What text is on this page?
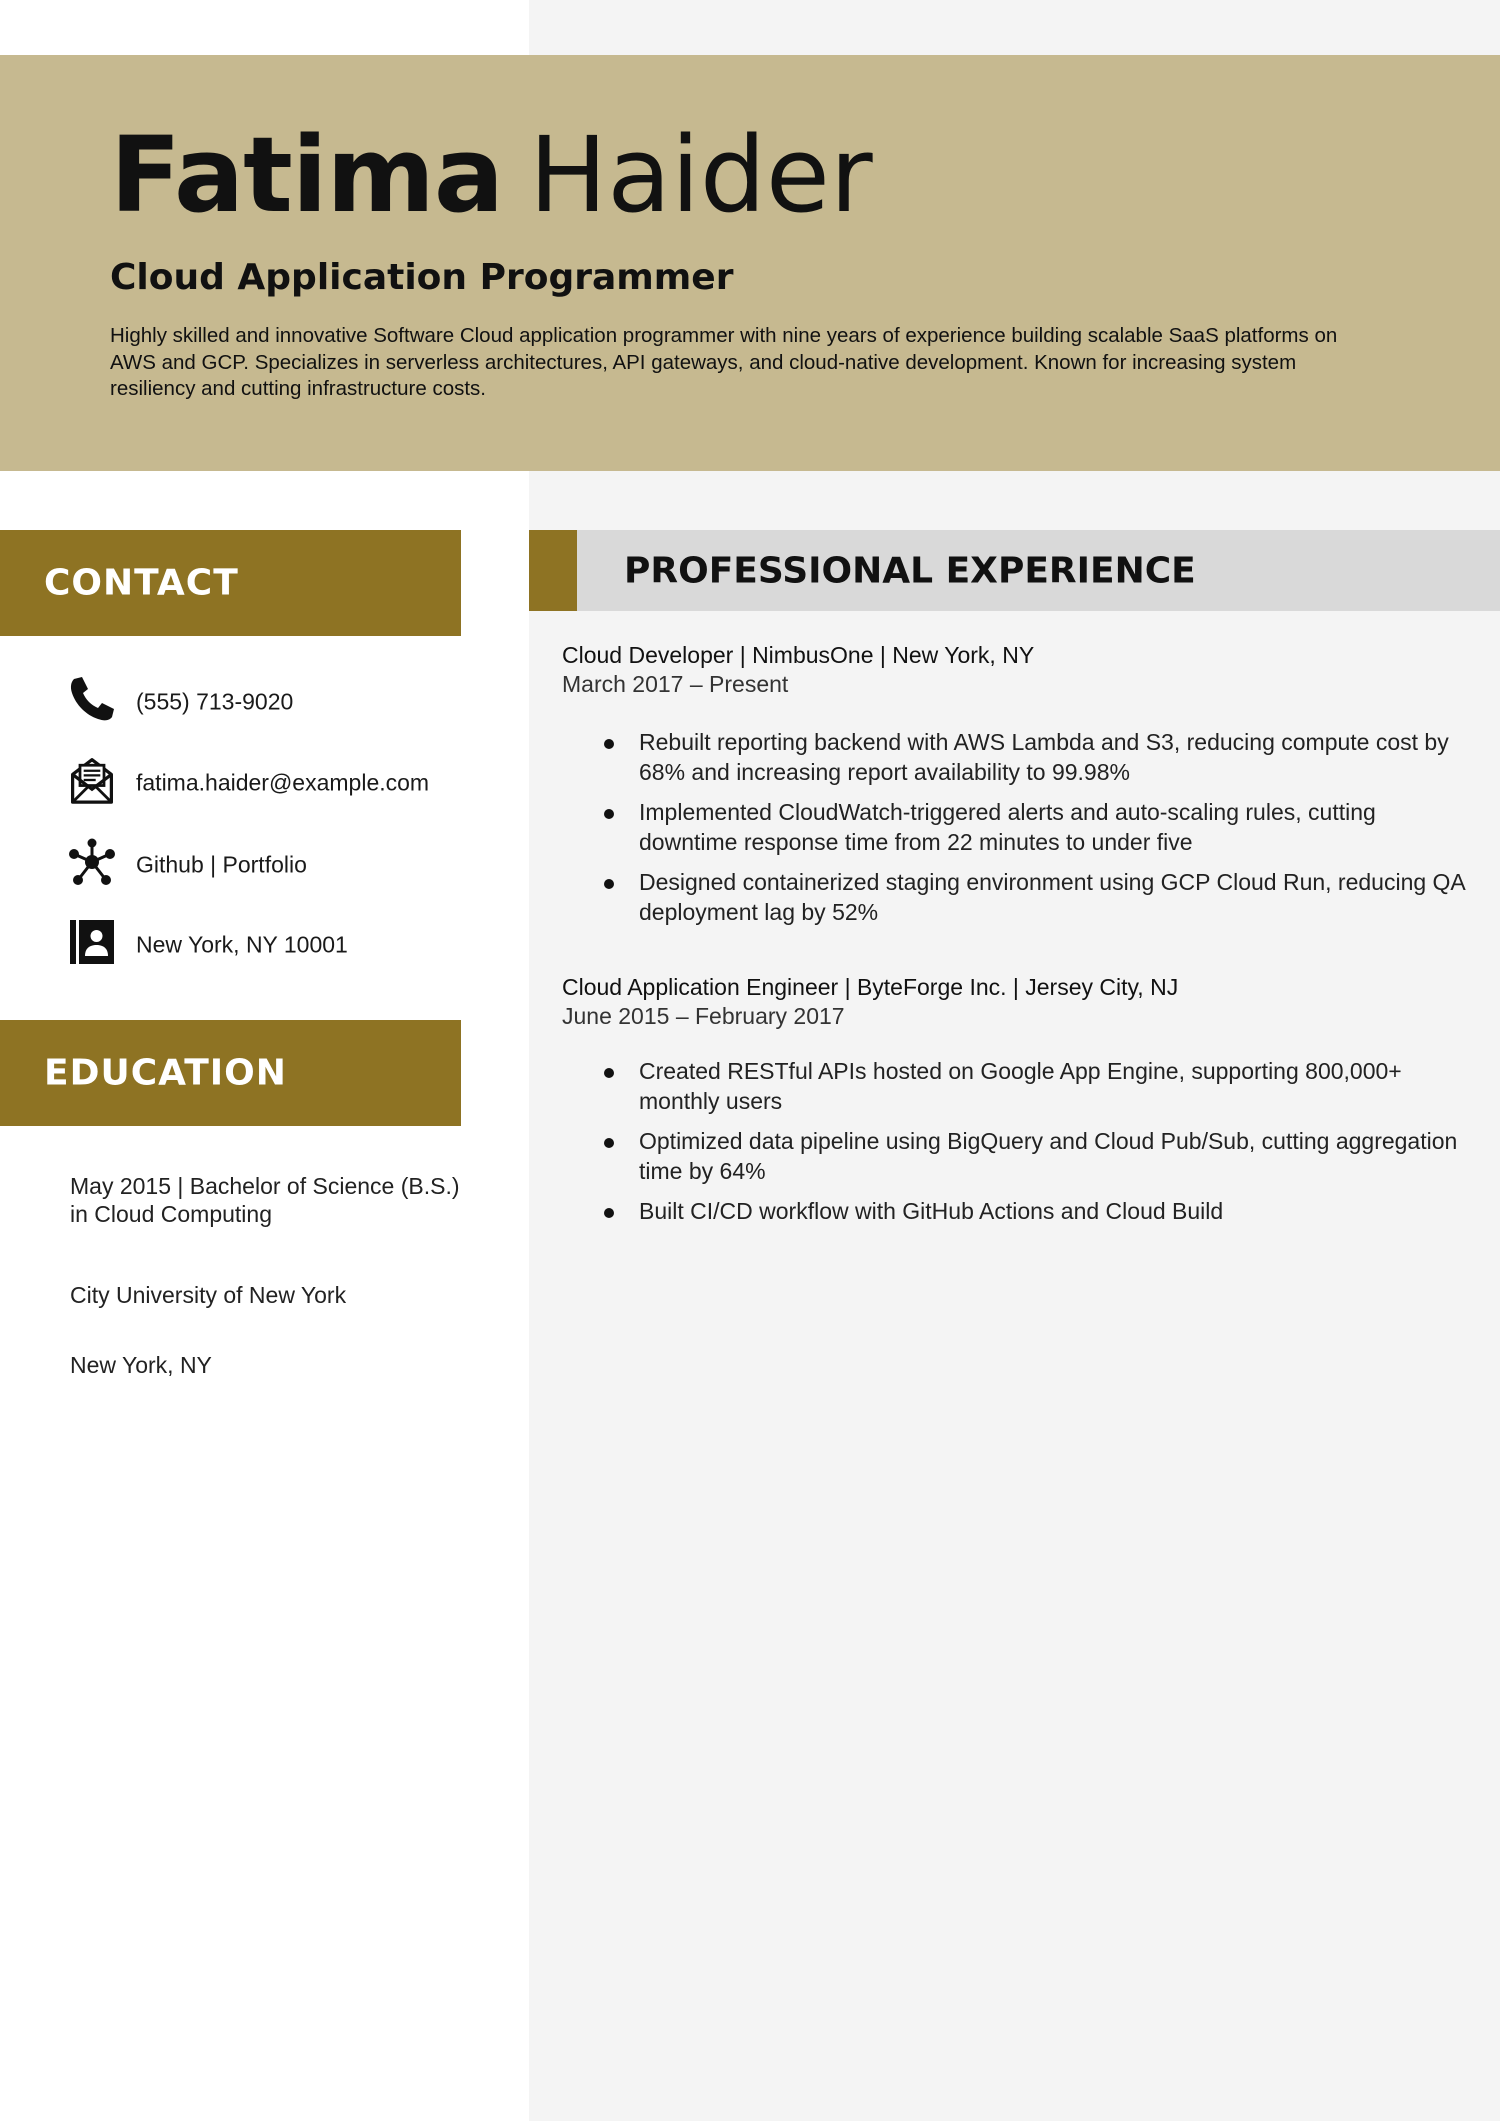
Fatima Haider
Cloud Application Programmer

Highly skilled and innovative Software Cloud application programmer with nine years of experience building scalable SaaS platforms on AWS and GCP. Specializes in serverless architectures, API gateways, and cloud-native development. Known for increasing system resiliency and cutting infrastructure costs.

CONTACT
(555) 713-9020
fatima.haider@example.com
Github | Portfolio
New York, NY 10001
EDUCATION

May 2015 | Bachelor of Science (B.S.) in Cloud Computing

City University of New York

New York, NY

PROFESSIONAL EXPERIENCE

Cloud Developer | NimbusOne | New York, NY

March 2017 – Present

Rebuilt reporting backend with AWS Lambda and S3, reducing compute cost by 68% and increasing report availability to 99.98%
Implemented CloudWatch-triggered alerts and auto-scaling rules, cutting downtime response time from 22 minutes to under five
Designed containerized staging environment using GCP Cloud Run, reducing QA deployment lag by 52%

Cloud Application Engineer | ByteForge Inc. | Jersey City, NJ

June 2015 – February 2017

Created RESTful APIs hosted on Google App Engine, supporting 800,000+ monthly users
Optimized data pipeline using BigQuery and Cloud Pub/Sub, cutting aggregation time by 64%
Built CI/CD workflow with GitHub Actions and Cloud Build
